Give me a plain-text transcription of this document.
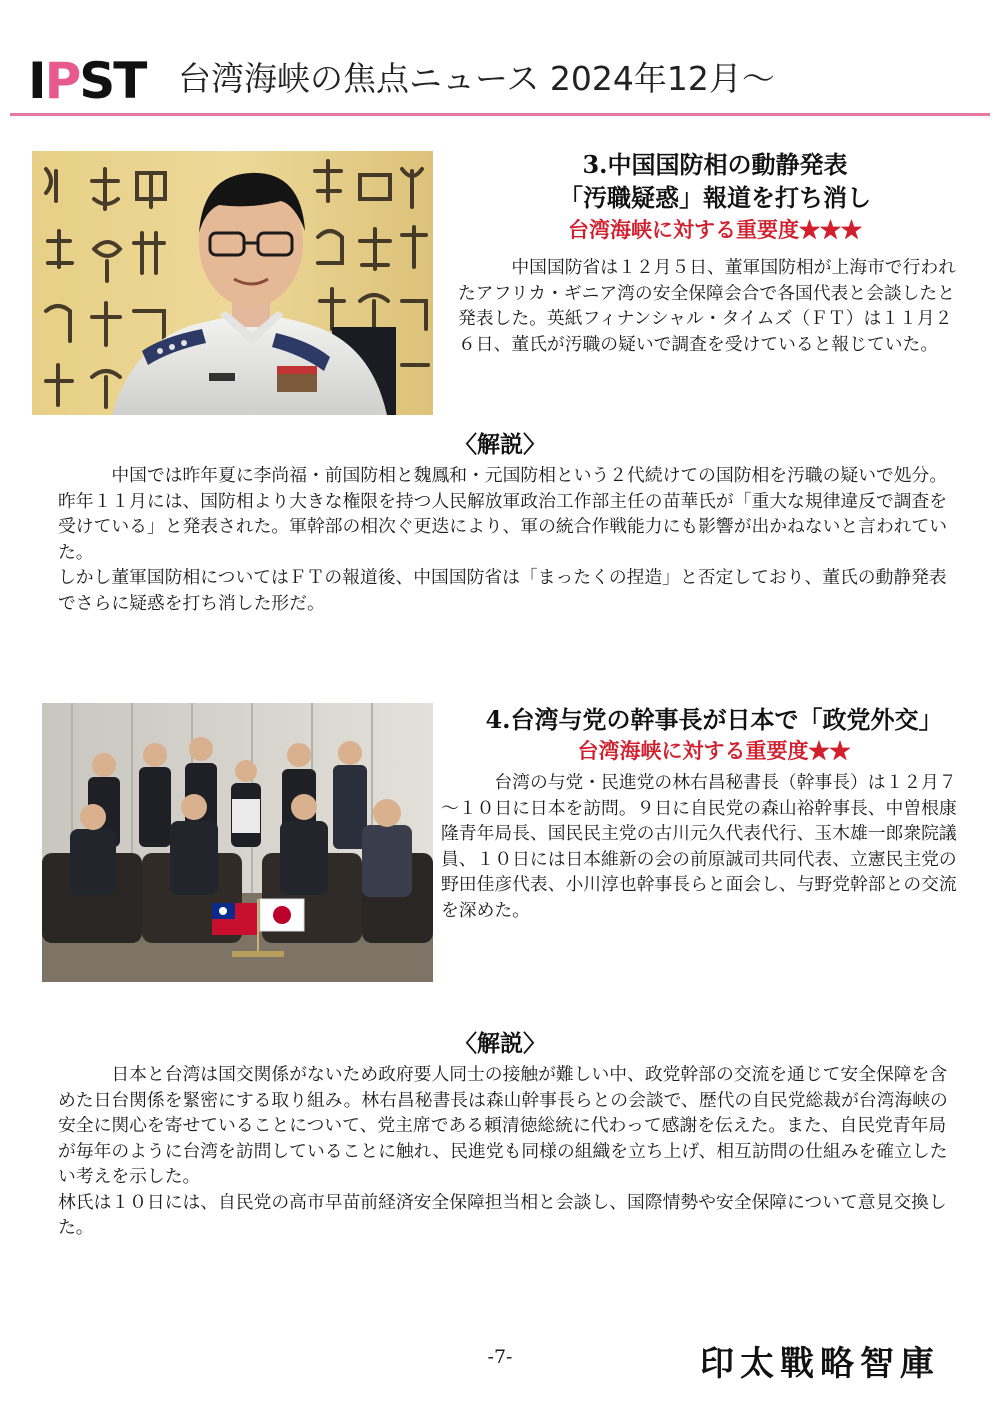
IPST 台湾海峡の焦点ニュース 2024年12月～
3.中国国防相の動静発表
「汚職疑惑」報道を打ち消し
台湾海峡に対する重要度★★★

中国国防省は１２月５日、董軍国防相が上海市で行われたアフリカ・ギニア湾の安全保障会合で各国代表と会談したと発表した。英紙フィナンシャル・タイムズ（ＦＴ）は１１月２６日、董氏が汚職の疑いで調査を受けていると報じていた。

〈解説〉

中国では昨年夏に李尚福・前国防相と魏鳳和・元国防相という２代続けての国防相を汚職の疑いで処分。昨年１１月には、国防相より大きな権限を持つ人民解放軍政治工作部主任の苗華氏が「重大な規律違反で調査を受けている」と発表された。軍幹部の相次ぐ更迭により、軍の統合作戦能力にも影響が出かねないと言われていた。

しかし董軍国防相についてはＦＴの報道後、中国国防省は「まったくの捏造」と否定しており、董氏の動静発表でさらに疑惑を打ち消した形だ。

4.台湾与党の幹事長が日本で「政党外交」
台湾海峡に対する重要度★★

台湾の与党・民進党の林右昌秘書長（幹事長）は１２月７～１０日に日本を訪問。９日に自民党の森山裕幹事長、中曽根康隆青年局長、国民民主党の古川元久代表代行、玉木雄一郎衆院議員、１０日には日本維新の会の前原誠司共同代表、立憲民主党の野田佳彦代表、小川淳也幹事長らと面会し、与野党幹部との交流を深めた。

〈解説〉

日本と台湾は国交関係がないため政府要人同士の接触が難しい中、政党幹部の交流を通じて安全保障を含めた日台関係を緊密にする取り組み。林右昌秘書長は森山幹事長らとの会談で、歴代の自民党総裁が台湾海峡の安全に関心を寄せていることについて、党主席である頼清徳総統に代わって感謝を伝えた。また、自民党青年局が毎年のように台湾を訪問していることに触れ、民進党も同様の組織を立ち上げ、相互訪問の仕組みを確立したい考えを示した。

林氏は１０日には、自民党の高市早苗前経済安全保障担当相と会談し、国際情勢や安全保障について意見交換した。

-7-	印太戰略智庫
